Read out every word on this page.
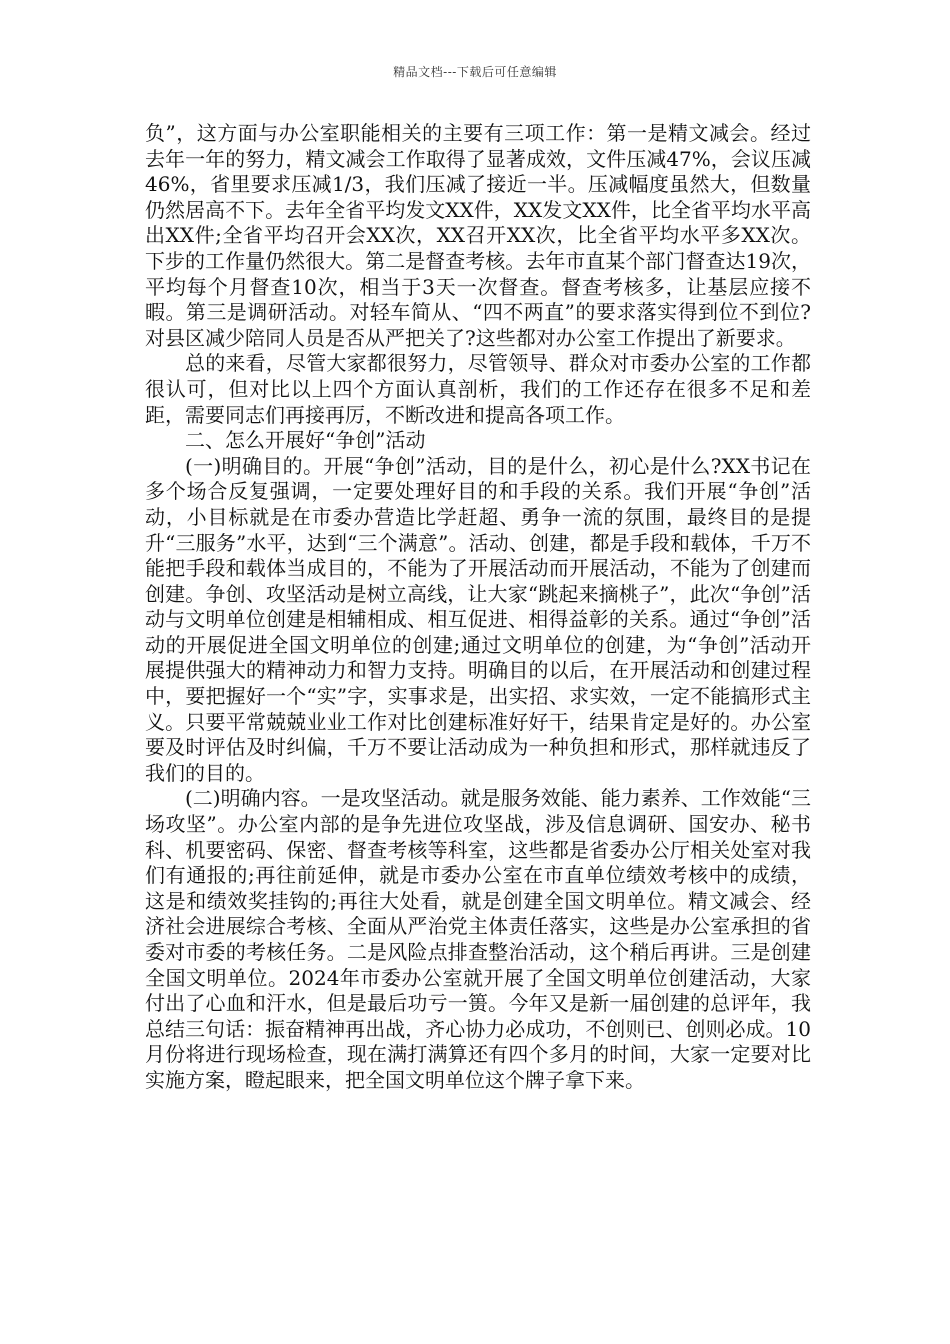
精品文档---下载后可任意编辑

负”，这方面与办公室职能相关的主要有三项工作：第一是精文减会。经过去年一年的努力，精文减会工作取得了显著成效，文件压减47%，会议压减46%，省里要求压减1/3，我们压减了接近一半。压减幅度虽然大，但数量仍然居高不下。去年全省平均发文XX件，XX发文XX件，比全省平均水平高出XX件;全省平均召开会XX次，XX召开XX次，比全省平均水平多XX次。下步的工作量仍然很大。第二是督查考核。去年市直某个部门督查达19次，平均每个月督查10次，相当于3天一次督查。督查考核多，让基层应接不暇。第三是调研活动。对轻车简从、“四不两直”的要求落实得到位不到位?对县区减少陪同人员是否从严把关了?这些都对办公室工作提出了新要求。

总的来看，尽管大家都很努力，尽管领导、群众对市委办公室的工作都很认可，但对比以上四个方面认真剖析，我们的工作还存在很多不足和差距，需要同志们再接再厉，不断改进和提高各项工作。

二、怎么开展好“争创”活动

(一)明确目的。开展“争创”活动，目的是什么，初心是什么?XX书记在多个场合反复强调，一定要处理好目的和手段的关系。我们开展“争创”活动，小目标就是在市委办营造比学赶超、勇争一流的氛围，最终目的是提升“三服务”水平，达到“三个满意”。活动、创建，都是手段和载体，千万不能把手段和载体当成目的，不能为了开展活动而开展活动，不能为了创建而创建。争创、攻坚活动是树立高线，让大家“跳起来摘桃子”，此次“争创”活动与文明单位创建是相辅相成、相互促进、相得益彰的关系。通过“争创”活动的开展促进全国文明单位的创建;通过文明单位的创建，为“争创”活动开展提供强大的精神动力和智力支持。明确目的以后，在开展活动和创建过程中，要把握好一个“实”字，实事求是，出实招、求实效，一定不能搞形式主义。只要平常兢兢业业工作对比创建标准好好干，结果肯定是好的。办公室要及时评估及时纠偏，千万不要让活动成为一种负担和形式，那样就违反了我们的目的。

(二)明确内容。一是攻坚活动。就是服务效能、能力素养、工作效能“三场攻坚”。办公室内部的是争先进位攻坚战，涉及信息调研、国安办、秘书科、机要密码、保密、督查考核等科室，这些都是省委办公厅相关处室对我们有通报的;再往前延伸，就是市委办公室在市直单位绩效考核中的成绩，这是和绩效奖挂钩的;再往大处看，就是创建全国文明单位。精文减会、经济社会进展综合考核、全面从严治党主体责任落实，这些是办公室承担的省委对市委的考核任务。二是风险点排查整治活动，这个稍后再讲。三是创建全国文明单位。2024年市委办公室就开展了全国文明单位创建活动，大家付出了心血和汗水，但是最后功亏一篑。今年又是新一届创建的总评年，我总结三句话：振奋精神再出战，齐心协力必成功，不创则已、创则必成。10月份将进行现场检查，现在满打满算还有四个多月的时间，大家一定要对比实施方案，瞪起眼来，把全国文明单位这个牌子拿下来。
